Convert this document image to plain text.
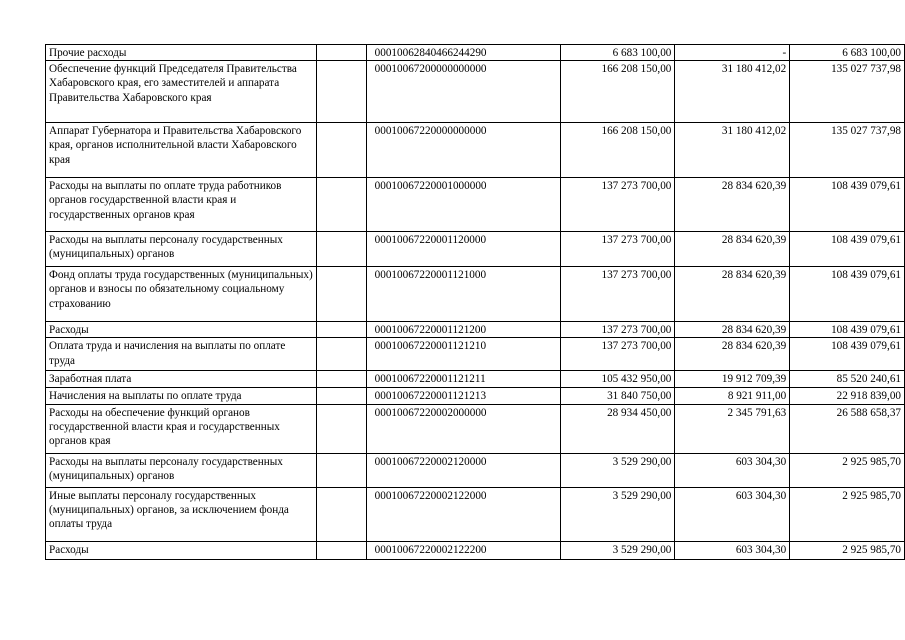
Прочие расходы		00010062840466244290	6 683 100,00	-	6 683 100,00
Обеспечение функций Председателя Правительства Хабаровского края, его заместителей и аппарата Правительства Хабаровского края		00010067200000000000	166 208 150,00	31 180 412,02	135 027 737,98
Аппарат Губернатора и Правительства Хабаровского края, органов исполнительной власти Хабаровского края		00010067220000000000	166 208 150,00	31 180 412,02	135 027 737,98
Расходы на выплаты по оплате труда работников органов государственной власти края и государственных органов края		00010067220001000000	137 273 700,00	28 834 620,39	108 439 079,61
Расходы на выплаты персоналу государственных (муниципальных) органов		00010067220001120000	137 273 700,00	28 834 620,39	108 439 079,61
Фонд оплаты труда государственных (муниципальных) органов и взносы по обязательному социальному страхованию		00010067220001121000	137 273 700,00	28 834 620,39	108 439 079,61
Расходы		00010067220001121200	137 273 700,00	28 834 620,39	108 439 079,61
Оплата труда и начисления на выплаты по оплате труда		00010067220001121210	137 273 700,00	28 834 620,39	108 439 079,61
Заработная плата		00010067220001121211	105 432 950,00	19 912 709,39	85 520 240,61
Начисления на выплаты по оплате труда		00010067220001121213	31 840 750,00	8 921 911,00	22 918 839,00
Расходы на обеспечение функций органов государственной власти края и государственных органов края		00010067220002000000	28 934 450,00	2 345 791,63	26 588 658,37
Расходы на выплаты персоналу государственных (муниципальных) органов		00010067220002120000	3 529 290,00	603 304,30	2 925 985,70
Иные выплаты персоналу государственных (муниципальных) органов, за исключением фонда оплаты труда		00010067220002122000	3 529 290,00	603 304,30	2 925 985,70
Расходы		00010067220002122200	3 529 290,00	603 304,30	2 925 985,70
